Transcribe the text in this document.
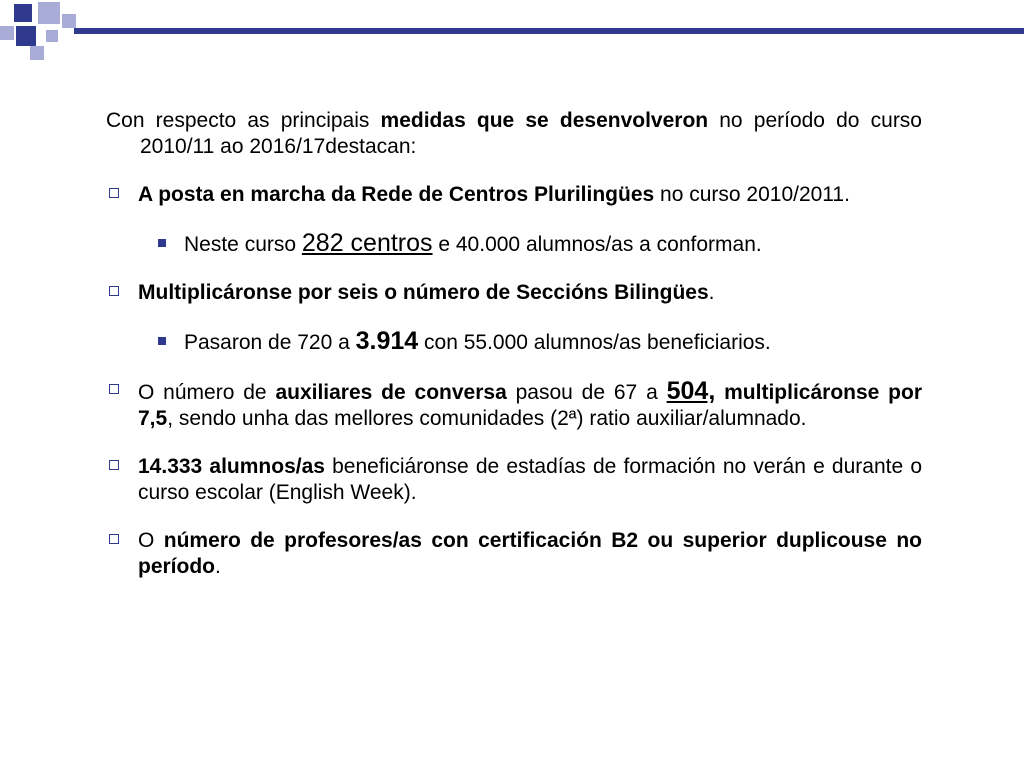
Con respecto as principais medidas que se desenvolveron no período do curso 2010/11 ao 2016/17destacan:

A posta en marcha da Rede de Centros Plurilingües no curso 2010/2011.

Neste curso 282 centros e 40.000 alumnos/as a conforman.

Multiplicáronse por seis o número de Seccións Bilingües.

Pasaron de 720 a 3.914 con 55.000 alumnos/as beneficiarios.

O número de auxiliares de conversa pasou de 67 a 504, multiplicáronse por 7,5, sendo unha das mellores comunidades (2ª) ratio auxiliar/alumnado.

14.333 alumnos/as beneficiáronse de estadías de formación no verán e durante o curso escolar (English Week).

O número de profesores/as con certificación B2 ou superior duplicouse no período.
